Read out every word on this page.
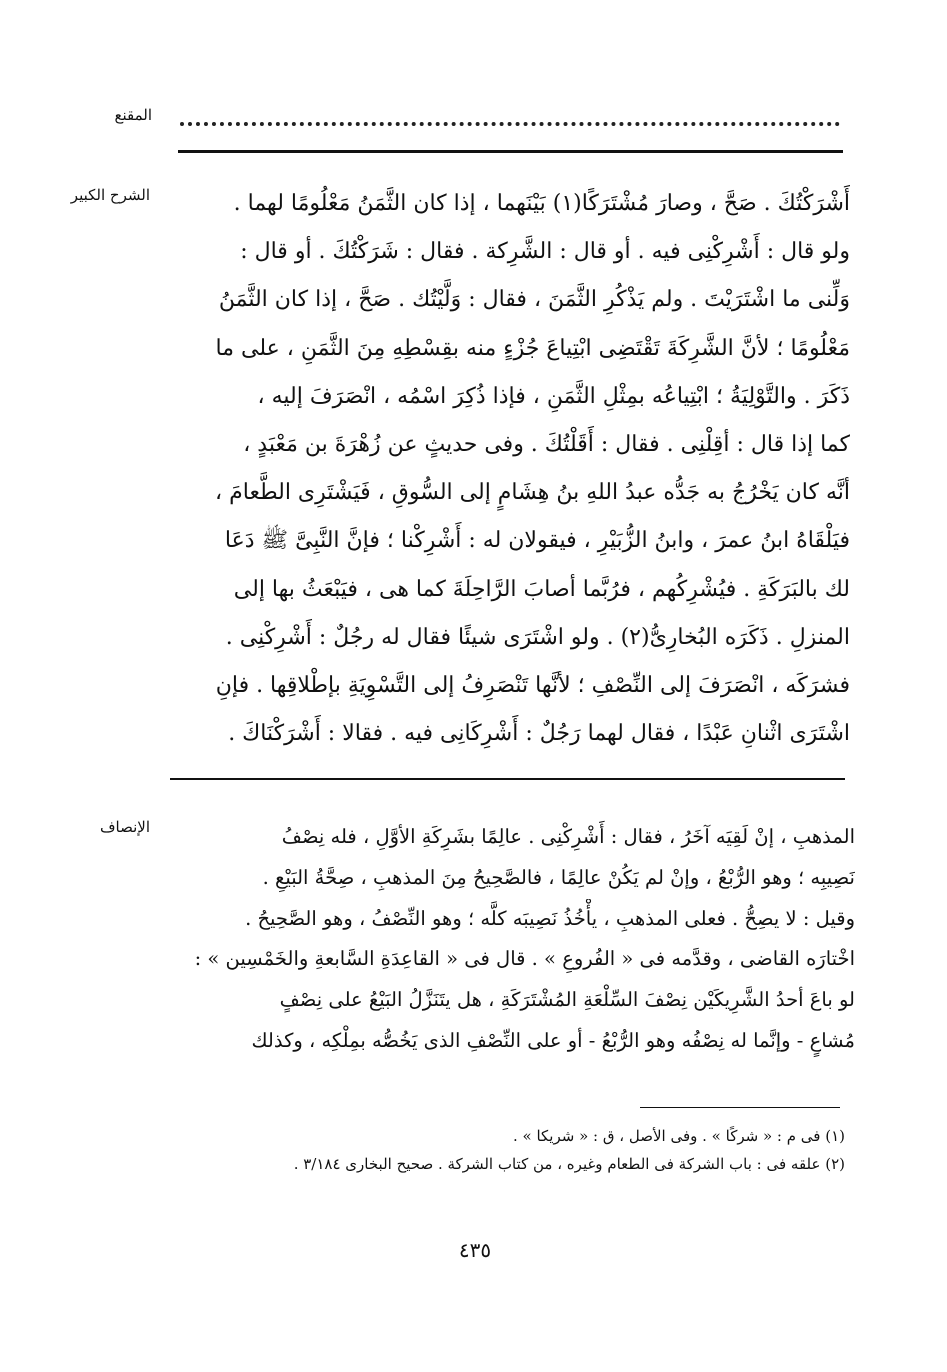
المقنع
الشرح الكبير	أَشْرَكْتُكَ . صَحَّ ، وصارَ مُشْتَرَكًا(١) بَيْنَهما ، إذا كان الثَّمَنُ مَعْلُومًا لهما .
ولو قال : أَشْرِكْنِى فيه . أو قال : الشَّرِكة . فقال : شَرَكْتُكَ . أو قال :
وَلِّنى ما اشْتَرَيْتَ . ولم يَذْكُرِ الثَّمَنَ ، فقال : وَلَّيْتُك . صَحَّ ، إذا كان الثَّمَنُ
مَعْلُومًا ؛ لأنَّ الشَّرِكَةَ تَقْتَضِى ابْتِياعَ جُزْءٍ منه بقِسْطِهِ مِنَ الثَّمَنِ ، على ما
ذَكَرَ . والتَّوْلِيَةُ ؛ ابْتِياعُه بمِثْلِ الثَّمَنِ ، فإذا ذُكِرَ اسْمُه ، انْصَرَفَ إليه ،
كما إذا قال : أقِلْنِى . فقال : أَقَلْتُكَ . وفى حديثٍ عن زُهْرَةَ بن مَعْبَدٍ ،
أنَّه كان يَخْرُجُ به جَدُّه عبدُ اللهِ بنُ هِشَامٍ إلى السُّوقِ ، فَيَشْتَرِى الطَّعامَ ،
فيَلْقَاهُ ابنُ عمرَ ، وابنُ الزُّبَيْرِ ، فيقولان له : أَشْرِكْنا ؛ فإنَّ النَّبِىَّ ﷺ دَعَا
لك بالبَرَكَةِ . فيُشْرِكُهم ، فرُبَّما أصابَ الرَّاحِلَةَ كما هى ، فيَبْعَثُ بها إلى
المنزلِ . ذَكَرَه البُخارِىُّ(٢) . ولو اشْتَرَى شيئًا فقال له رجُلٌ : أَشْرِكْنِى .
فشرَكَه ، انْصَرَفَ إلى النِّصْفِ ؛ لأنَّها تَنْصَرِفُ إلى التَّسْوِيَةِ بإطْلاقِها . فإنِ
اشْتَرَى اثْنانِ عَبْدًا ، فقال لهما رَجُلٌ : أَشْرِكَانِى فيه . فقالا : أَشْرَكْنَاكَ .
الإنصاف	المذهبِ ، إنْ لَقِيَه آخَرُ ، فقال : أَشْرِكْنِى . عالِمًا بشَرِكَةِ الأوَّلِ ، فله نِصْفُ
نَصِيبِه ؛ وهو الرُّبْعُ ، وإنْ لم يَكُنْ عالِمًا ، فالصَّحِيحُ مِنَ المذهبِ ، صِحَّةُ البَيْعِ .
وقيل : لا يصِحُّ . فعلى المذهبِ ، يأْخُذُ نَصِيبَه كلَّه ؛ وهو النِّصْفُ ، وهو الصَّحِيحُ .
اخْتارَه القاضى ، وقدَّمه فى « الفُروعِ » . قال فى « القاعِدَةِ السَّابعةِ والخَمْسِين » :
لو باعَ أحدُ الشَّرِيكَيْن نِصْفَ السِّلْعَةِ المُشْتَرَكَةِ ، هل يتَنَزَّلُ البَيْعُ على نِصْفٍ
مُشاعٍ - وإنَّما له نِصْفُه وهو الرُّبْعُ - أو على النِّصْفِ الذى يَخُصُّه بمِلْكِه ، وكذلك
(١) فى م : « شركًا » . وفى الأصل ، ق : « شريكا » .
(٢) علقه فى : باب الشركة فى الطعام وغيره ، من كتاب الشركة . صحيح البخارى ٣/١٨٤ .
٤٣٥
